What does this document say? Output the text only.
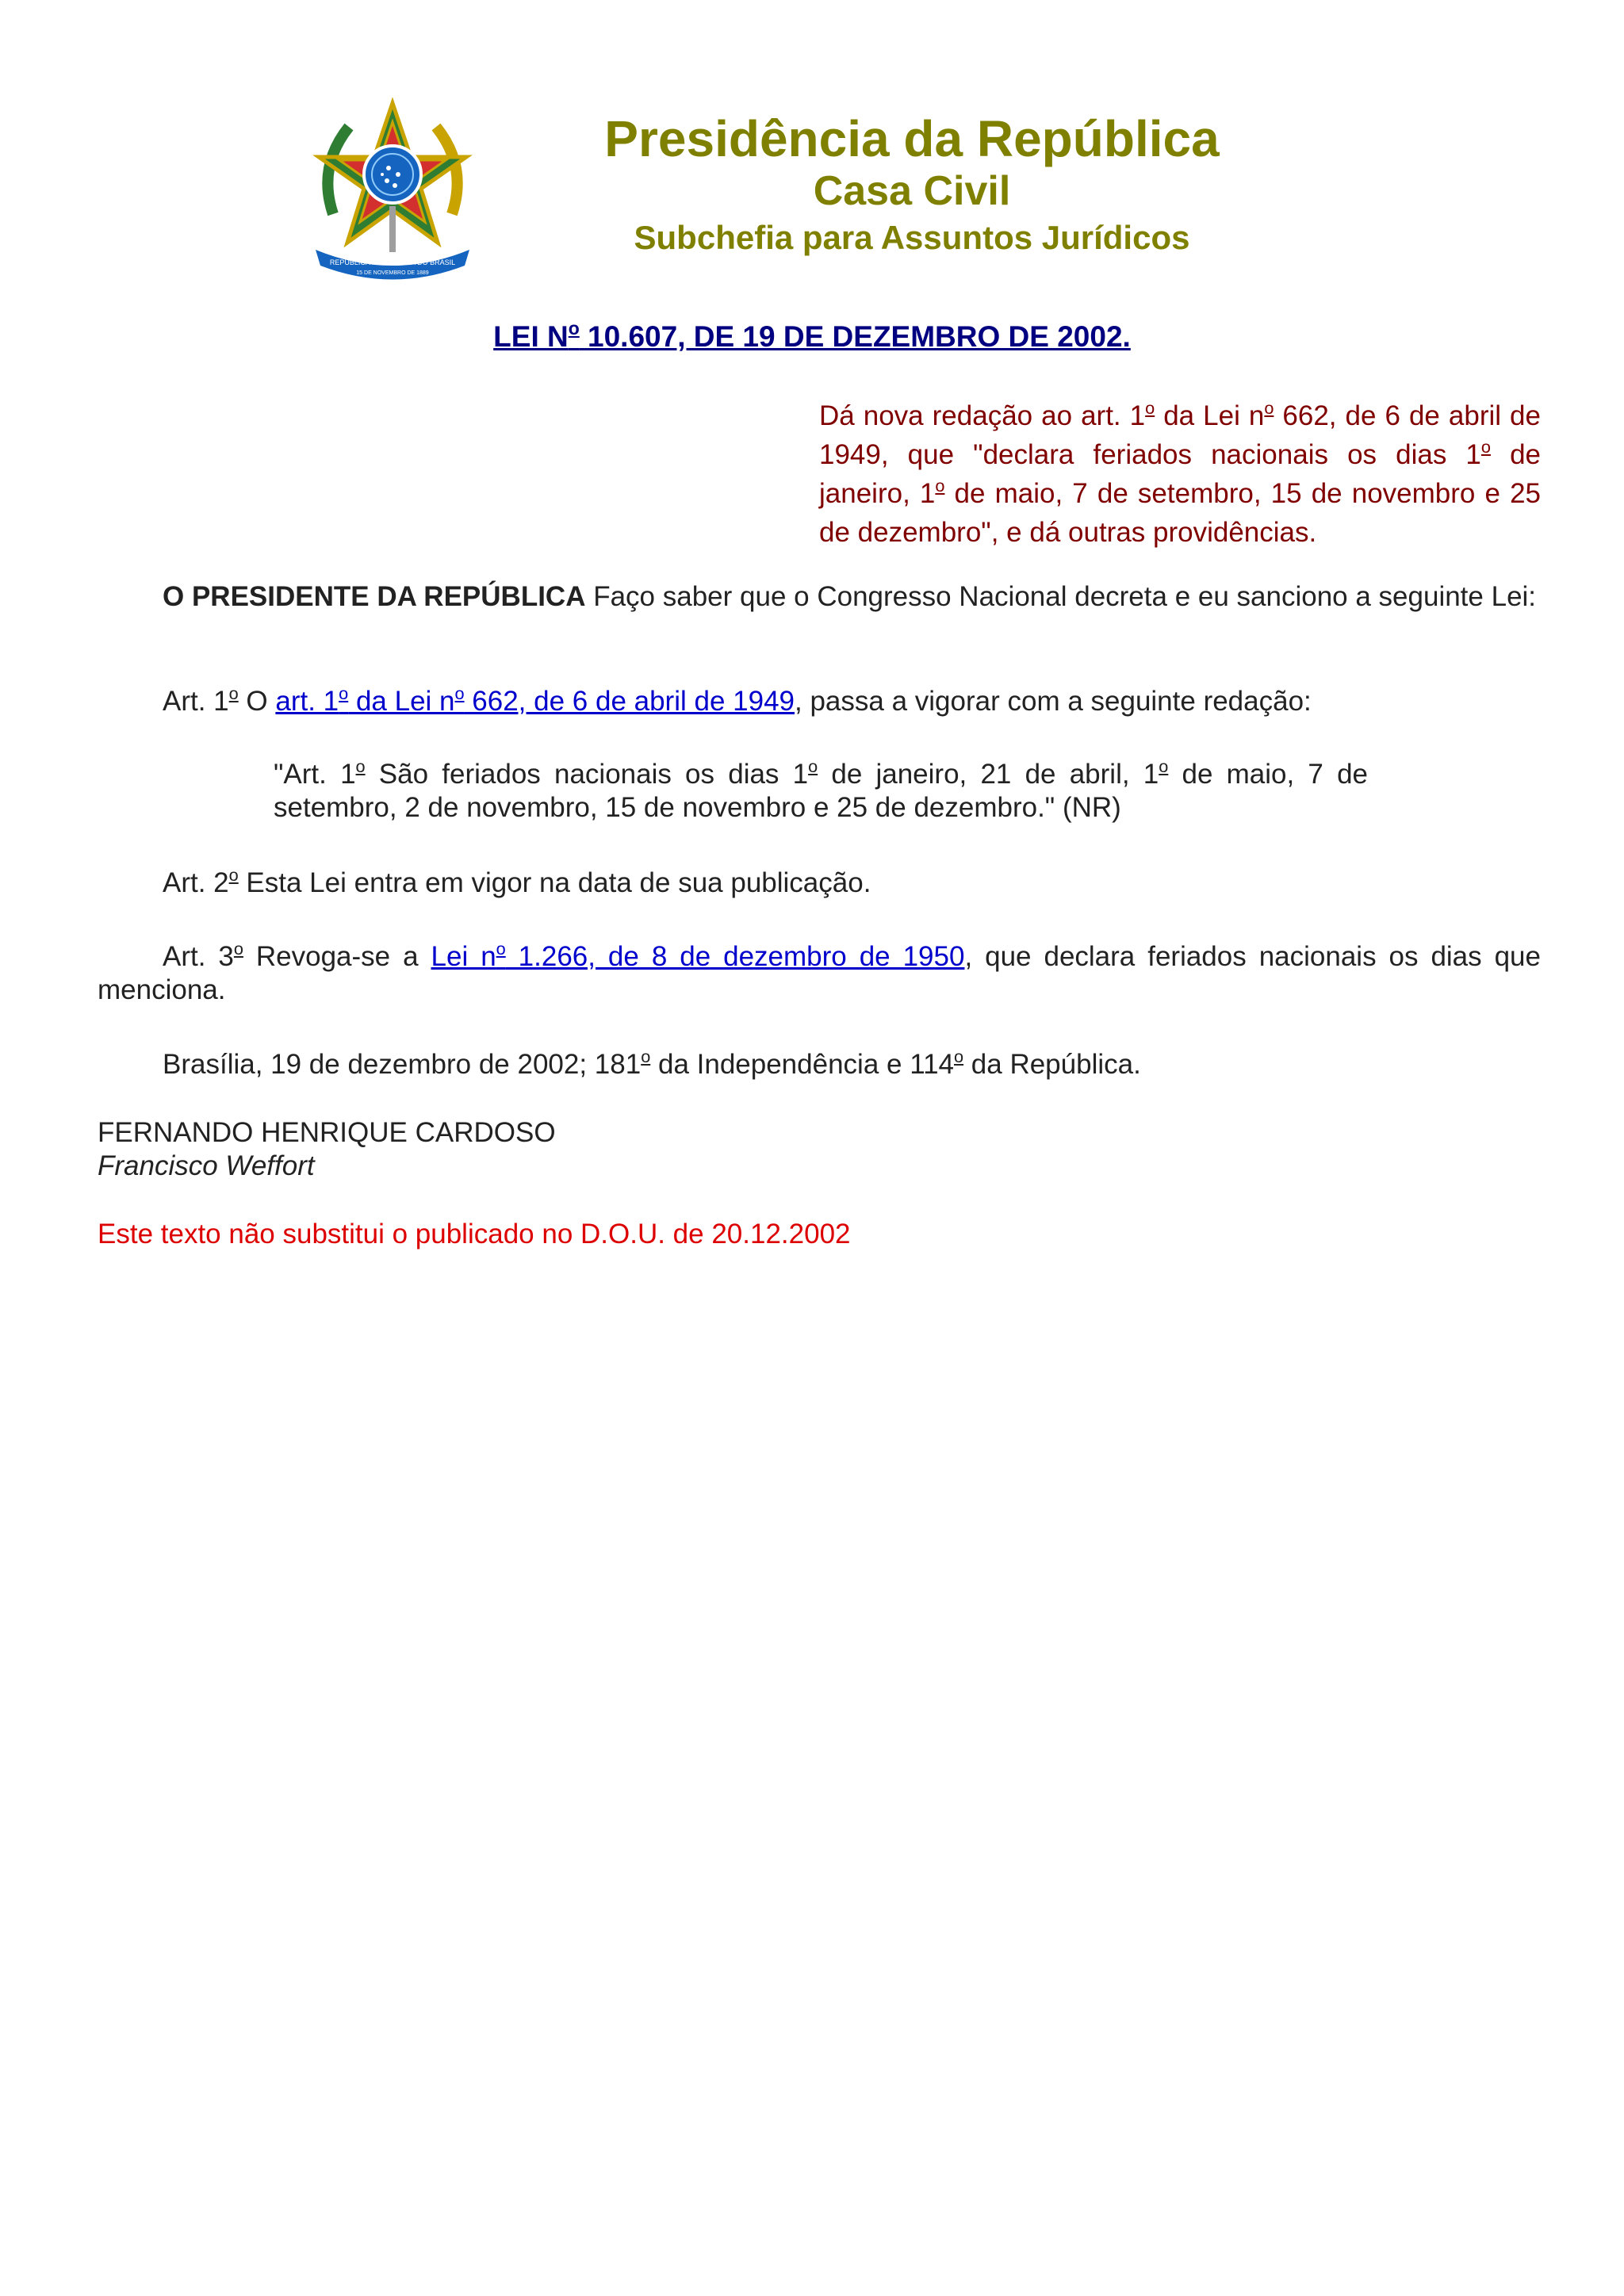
REPÚBLICA FEDERATIVA DO BRASIL
15 DE NOVEMBRO DE 1889
Presidência da República
Casa Civil
Subchefia para Assuntos Jurídicos
LEI $N^o$ 10.607, DE 19 DE DEZEMBRO DE 2002.
Dá nova redação ao art. 1$^o$ da Lei $n^o$ 662, de 6 de abril de 1949, que "declara feriados nacionais os dias 1$^o$ de janeiro, 1$^o$ de maio, 7 de setembro, 15 de novembro e 25 de dezembro", e dá outras providências.
O PRESIDENTE DA REPÚBLICA Faço saber que o Congresso Nacional decreta e eu sanciono a seguinte Lei:
Art. 1$^o$ O art. 1$^o$ da Lei $n^o$ 662, de 6 de abril de 1949, passa a vigorar com a seguinte redação:
"Art. 1$^o$ São feriados nacionais os dias 1$^o$ de janeiro, 21 de abril, 1$^o$ de maio, 7 de setembro, 2 de novembro, 15 de novembro e 25 de dezembro." (NR)
Art. 2$^o$ Esta Lei entra em vigor na data de sua publicação.
Art. 3$^o$ Revoga-se a Lei $n^o$ 1.266, de 8 de dezembro de 1950, que declara feriados nacionais os dias que menciona.
Brasília, 19 de dezembro de 2002; 181$^o$ da Independência e 114$^o$ da República.
FERNANDO HENRIQUE CARDOSO
Francisco Weffort
Este texto não substitui o publicado no D.O.U. de 20.12.2002
